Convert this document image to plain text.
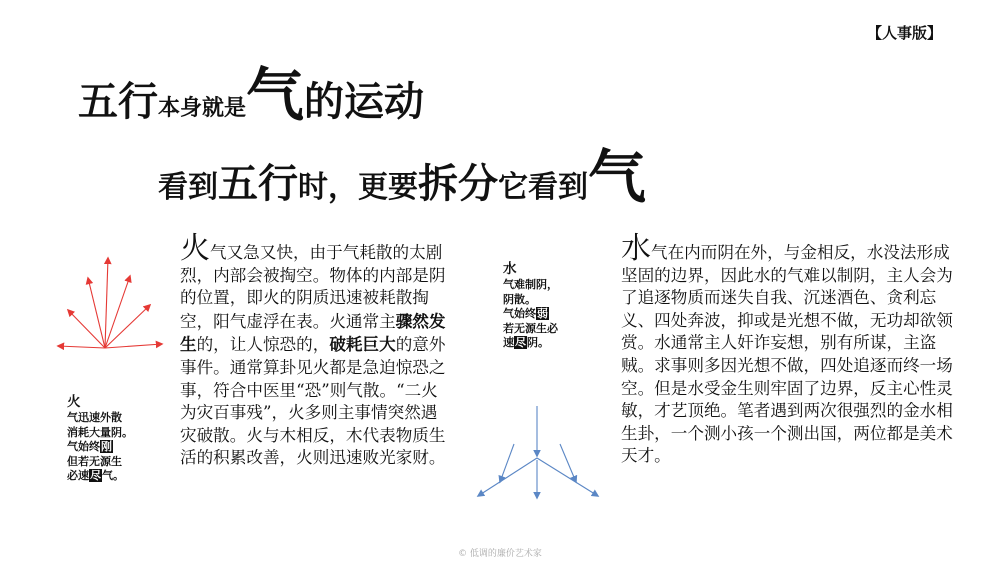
【人事版】
五行本身就是气的运动
看到五行时，更要拆分它看到气
火
气迅速外散
消耗大量阴。
气始终刚
但若无源生
必速尽气。
火气又急又快，由于气耗散的太剧烈，内部会被掏空。物体的内部是阴的位置，即火的阴质迅速被耗散掏空，阳气虚浮在表。火通常主骤然发生的，让人惊恐的，破耗巨大的意外事件。通常算卦见火都是急迫惊恐之事，符合中医里“恐”则气散。“二火为灾百事残”，火多则主事情突然遇灾破散。火与木相反，木代表物质生活的积累改善，火则迅速败光家财。
水
气难制阴，
阴散。
气始终弱
若无源生必
速尽阴。
水气在内而阴在外，与金相反，水没法形成坚固的边界，因此水的气难以制阴，主人会为了追逐物质而迷失自我、沉迷酒色、贪利忘义、四处奔波，抑或是光想不做，无功却欲领赏。水通常主人奸诈妄想，别有所谋，主盗贼。求事则多因光想不做，四处追逐而终一场空。但是水受金生则牢固了边界，反主心性灵敏，才艺顶绝。笔者遇到两次很强烈的金水相生卦，一个测小孩一个测出国，两位都是美术天才。
© 低调的廉价艺术家
